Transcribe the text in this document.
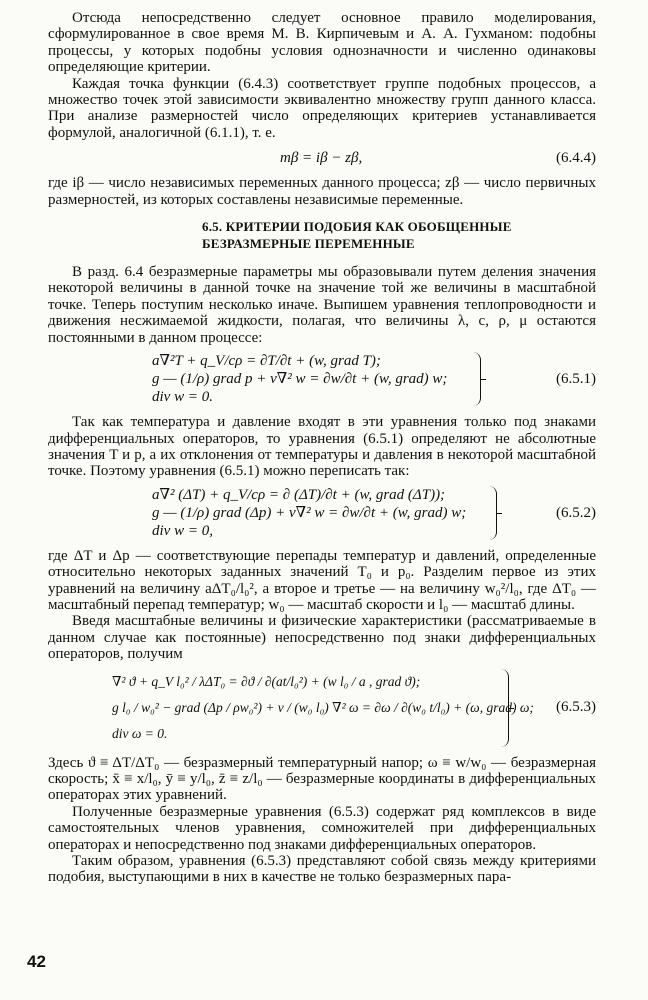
Отсюда непосредственно следует основное правило моделирования, сформулированное в свое время М. В. Кирпичевым и А. А. Гухманом: подобны процессы, у которых подобны условия однозначности и численно одинаковы определяющие критерии.

Каждая точка функции (6.4.3) соответствует группе подобных процессов, а множество точек этой зависимости эквивалентно множеству групп данного класса. При анализе размерностей число определяющих критериев устанавливается формулой, аналогичной (6.1.1), т. е.

mβ = iβ − zβ,	(6.4.4)

где iβ — число независимых переменных данного процесса; zβ — число первичных размерностей, из которых составлены независимые переменные.

6.5. КРИТЕРИИ ПОДОБИЯ КАК ОБОБЩЕННЫЕ
БЕЗРАЗМЕРНЫЕ ПЕРЕМЕННЫЕ

В разд. 6.4 безразмерные параметры мы образовывали путем деления значения некоторой величины в данной точке на значение той же величины в масштабной точке. Теперь поступим несколько иначе. Выпишем уравнения теплопроводности и движения несжимаемой жидкости, полагая, что величины λ, c, ρ, μ остаются постоянными в данном процессе:

a∇²T + q_V/cρ = ∂T/∂t + (w, grad T);
g — (1/ρ) grad p + ν∇² w = ∂w/∂t + (w, grad) w;
div w = 0.
(6.5.1)

Так как температура и давление входят в эти уравнения только под знаками дифференциальных операторов, то уравнения (6.5.1) определяют не абсолютные значения T и p, а их отклонения от температуры и давления в некоторой масштабной точке. Поэтому уравнения (6.5.1) можно переписать так:

a∇² (ΔT) + q_V/cρ = ∂ (ΔT)/∂t + (w, grad (ΔT));
g — (1/ρ) grad (Δp) + ν∇² w = ∂w/∂t + (w, grad) w;
div w = 0,
(6.5.2)

где ΔT и Δp — соответствующие перепады температур и давлений, определенные относительно некоторых заданных значений T₀ и p₀. Разделим первое из этих уравнений на величину aΔT₀/l₀², а второе и третье — на величину w₀²/l₀, где ΔT₀ — масштабный перепад температур; w₀ — масштаб скорости и l₀ — масштаб длины.

Введя масштабные величины и физические характеристики (рассматриваемые в данном случае как постоянные) непосредственно под знаки дифференциальных операторов, получим

∇² ϑ + q_V l₀² / λΔT₀ = ∂ϑ / ∂(at/l₀²) + (w l₀ / a , grad ϑ);
g l₀ / w₀² − grad (Δp / ρw₀²) + ν / (w₀ l₀) ∇² ω = ∂ω / ∂(w₀ t/l₀) + (ω, grad) ω;
div ω = 0.
(6.5.3)

Здесь ϑ ≡ ΔT/ΔT₀ — безразмерный температурный напор; ω ≡ w/w₀ — безразмерная скорость; x̄ ≡ x/l₀, ȳ ≡ y/l₀, z̄ ≡ z/l₀ — безразмерные координаты в дифференциальных операторах этих уравнений.

Полученные безразмерные уравнения (6.5.3) содержат ряд комплексов в виде самостоятельных членов уравнения, сомножителей при дифференциальных операторах и непосредственно под знаками дифференциальных операторов.

Таким образом, уравнения (6.5.3) представляют собой связь между критериями подобия, выступающими в них в качестве не только безразмерных пара-

42
